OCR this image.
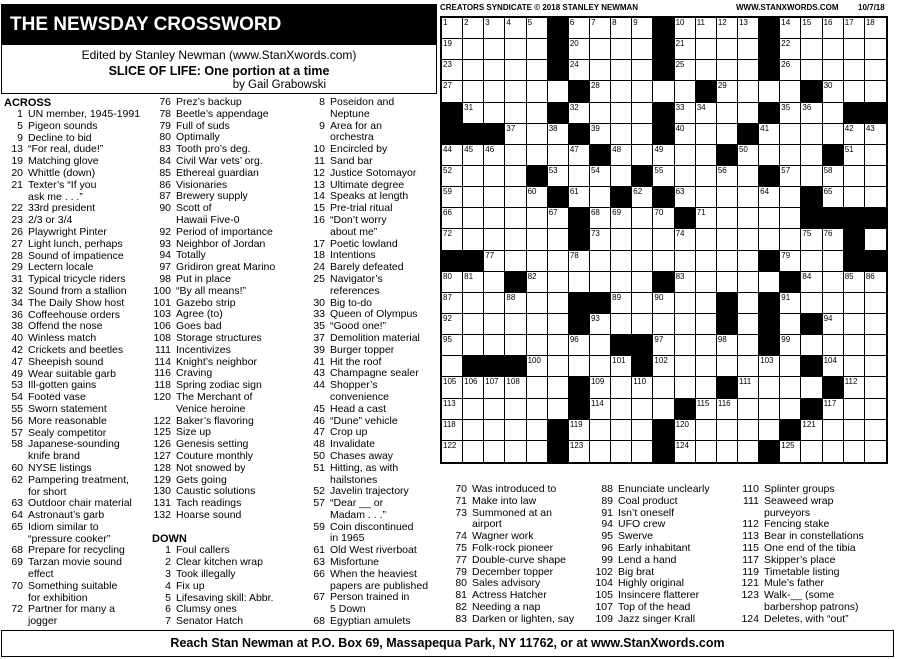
THE NEWSDAY CROSSWORD
Edited by Stanley Newman (www.StanXwords.com)
SLICE OF LIFE: One portion at a time
by Gail Grabowski
CREATORS SYNDICATE © 2018 STANLEY NEWMAN	WWW.STANXWORDS.COM 10/7/18
1 2 3 4 5	6 7 8 9	10 11 12 13	14 15 16 17 18
19	20	21	22
23	24	25	26
27	28	29	30
31	32	33 34	35 36
37	38	39	40	41	42 43
44 45 46	47	48	49	50	51
52	53	54	55	56	57	58
59	60	61	62	63	64	65
66	67	68 69	70	71
72	73	74	75 76
77	78	79
80 81	82	83	84	85 86
87	88	89	90	91
92	93	94
95	96	97	98	99
100	101	102	103	104
105 106 107 108	109	110	111	112
113	114	115 116	117
118	119	120	121
122	123	124	125
ACROSS
1 UN member, 1945-1991
5 Pigeon sounds
9 Decline to bid
13 “For real, dude!”
19 Matching glove
20 Whittle (down)
21 Texter’s “If you
ask me . . .”
22 33rd president
23 2/3 or 3/4
26 Playwright Pinter
27 Light lunch, perhaps
28 Sound of impatience
29 Lectern locale
31 Typical tricycle riders
32 Sound from a stallion
34 The Daily Show host
36 Coffeehouse orders
38 Offend the nose
40 Winless match
42 Crickets and beetles
47 Sheepish sound
49 Wear suitable garb
53 Ill-gotten gains
54 Footed vase
55 Sworn statement
56 More reasonable
57 Sealy competitor
58 Japanese-sounding
knife brand
60 NYSE listings
62 Pampering treatment,
for short
63 Outdoor chair material
64 Astronaut’s garb
65 Idiom similar to
“pressure cooker”
68 Prepare for recycling
69 Tarzan movie sound
effect
70 Something suitable
for exhibition
72 Partner for many a
jogger
76 Prez’s backup
78 Beetle’s appendage
79 Full of suds
80 Optimally
83 Tooth pro’s deg.
84 Civil War vets’ org.
85 Ethereal guardian
86 Visionaries
87 Brewery supply
90 Scott of
Hawaii Five-0
92 Period of importance
93 Neighbor of Jordan
94 Totally
97 Gridiron great Marino
98 Put in place
100 “By all means!”
101 Gazebo strip
103 Agree (to)
106 Goes bad
108 Storage structures
111 Incentivizes
114 Knight’s neighbor
116 Craving
118 Spring zodiac sign
120 The Merchant of
Venice heroine
122 Baker’s flavoring
125 Size up
126 Genesis setting
127 Couture monthly
128 Not snowed by
129 Gets going
130 Caustic solutions
131 Tach readings
132 Hoarse sound

DOWN
1 Foul callers
2 Clear kitchen wrap
3 Took illegally
4 Fix up
5 Lifesaving skill: Abbr.
6 Clumsy ones
7 Senator Hatch
8 Poseidon and
Neptune
9 Area for an
orchestra
10 Encircled by
11 Sand bar
12 Justice Sotomayor
13 Ultimate degree
14 Speaks at length
15 Pre-trial ritual
16 “Don’t worry
about me”
17 Poetic lowland
18 Intentions
24 Barely defeated
25 Navigator’s
references
30 Big to-do
33 Queen of Olympus
35 “Good one!”
37 Demolition material
39 Burger topper
41 Hit the roof
43 Champagne sealer
44 Shopper’s
convenience
45 Head a cast
46 “Dune” vehicle
47 Crop up
48 Invalidate
50 Chases away
51 Hitting, as with
hailstones
52 Javelin trajectory
57 “Dear __ or
Madam . . .”
59 Coin discontinued
in 1965
61 Old West riverboat
63 Misfortune
66 When the heaviest
papers are published
67 Person trained in
5 Down
68 Egyptian amulets
70 Was introduced to
71 Make into law
73 Summoned at an
airport
74 Wagner work
75 Folk-rock pioneer
77 Double-curve shape
79 December topper
80 Sales advisory
81 Actress Hatcher
82 Needing a nap
83 Darken or lighten, say
88 Enunciate unclearly
89 Coal product
91 Isn’t oneself
94 UFO crew
95 Swerve
96 Early inhabitant
99 Lend a hand
102 Big brat
104 Highly original
105 Insincere flatterer
107 Top of the head
109 Jazz singer Krall
110 Splinter groups
111 Seaweed wrap
purveyors
112 Fencing stake
113 Bear in constellations
115 One end of the tibia
117 Skipper’s place
119 Timetable listing
121 Mule’s father
123 Walk-__ (some
barbershop patrons)
124 Deletes, with “out”
Reach Stan Newman at P.O. Box 69, Massapequa Park, NY 11762, or at www.StanXwords.com
